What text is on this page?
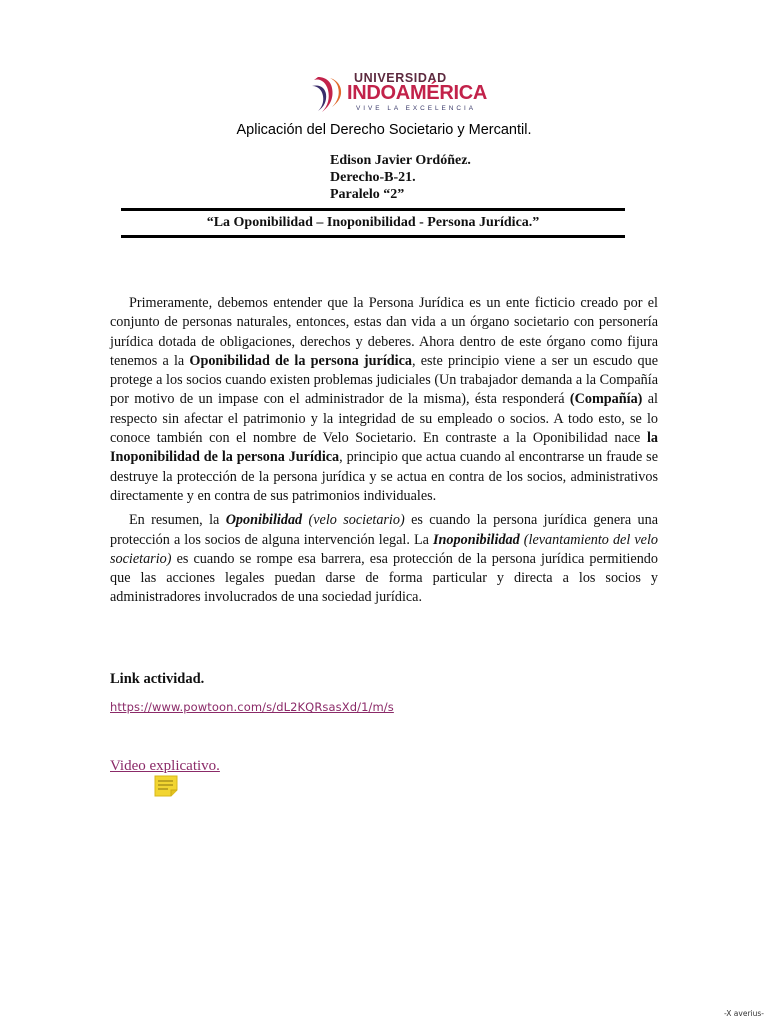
UNIVERSIDAD
INDOAMÉRICA
VIVE LA EXCELENCIA
Aplicación del Derecho Societario y Mercantil.
Edison Javier Ordóñez.
Derecho-B-21.
Paralelo “2”
“La Oponibilidad – Inoponibilidad - Persona Jurídica.”

Primeramente, debemos entender que la Persona Jurídica es un ente ficticio creado por el conjunto de personas naturales, entonces, estas dan vida a un órgano societario con personería jurídica dotada de obligaciones, derechos y deberes. Ahora dentro de este órgano como fijura tenemos a la Oponibilidad de la persona jurídica, este principio viene a ser un escudo que protege a los socios cuando existen problemas judiciales (Un trabajador demanda a la Compañía por motivo de un impase con el administrador de la misma), ésta responderá (Compañía) al respecto sin afectar el patrimonio y la integridad de su empleado o socios. A todo esto, se lo conoce también con el nombre de Velo Societario. En contraste a la Oponibilidad nace la Inoponibilidad de la persona Jurídica, principio que actua cuando al encontrarse un fraude se destruye la protección de la persona jurídica y se actua en contra de los socios, administrativos directamente y en contra de sus patrimonios individuales.

En resumen, la Oponibilidad (velo societario) es cuando la persona jurídica genera una protección a los socios de alguna intervención legal. La Inoponibilidad (levantamiento del velo societario) es cuando se rompe esa barrera, esa protección de la persona jurídica permitiendo que las acciones legales puedan darse de forma particular y directa a los socios y administradores involucrados de una sociedad jurídica.

Link actividad.
https://www.powtoon.com/s/dL2KQRsasXd/1/m/s
Video explicativo.
-X averius-
